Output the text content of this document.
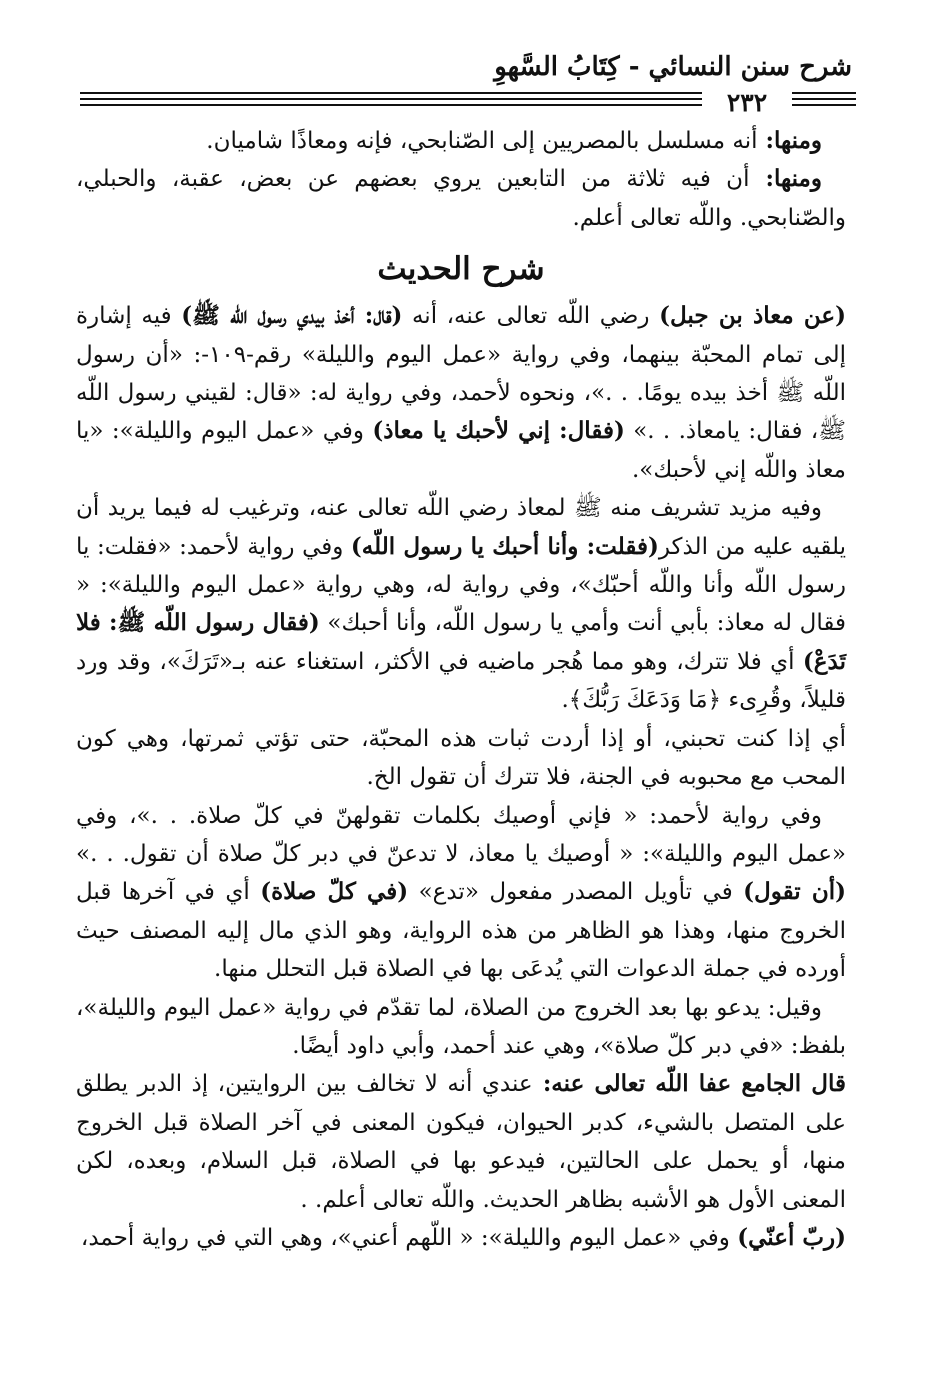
شرح سنن النسائي - كِتَابُ السَّهوِ
٢٣٢

ومنها: أنه مسلسل بالمصريين إلى الصّنابحي، فإنه ومعاذًا شاميان.

ومنها: أن فيه ثلاثة من التابعين يروي بعضهم عن بعض، عقبة، والحبلي، والصّنابحي. واللّه تعالى أعلم.

شرح الحديث

(عن معاذ بن جبل) رضي اللّه تعالى عنه، أنه (قال: أخذ بيدي رسول اللّه ﷺ) فيه إشارة إلى تمام المحبّة بينهما، وفي رواية «عمل اليوم والليلة» رقم-١٠٩-: «أن رسول اللّه ﷺ أخذ بيده يومًا. . .»، ونحوه لأحمد، وفي رواية له: «قال: لقيني رسول اللّه ﷺ، فقال: يامعاذ. . .» (فقال: إني لأحبك يا معاذ) وفي «عمل اليوم والليلة»: «يا معاذ واللّه إني لأحبك».

وفيه مزيد تشريف منه ﷺ لمعاذ رضي اللّه تعالى عنه، وترغيب له فيما يريد أن يلقيه عليه من الذكر(فقلت: وأنا أحبك يا رسول اللّه) وفي رواية لأحمد: «فقلت: يا رسول اللّه وأنا واللّه أحبّك»، وفي رواية له، وهي رواية «عمل اليوم والليلة»: « فقال له معاذ: بأبي أنت وأمي يا رسول اللّه، وأنا أحبك» (فقال رسول اللّه ﷺ: فلا تَدَعْ) أي فلا تترك، وهو مما هُجر ماضيه في الأكثر، استغناء عنه بـ«تَرَكَ»، وقد ورد قليلاً، وقُرِىء ﴿مَا وَدَعَكَ رَبُّكَ﴾.

أي إذا كنت تحبني، أو إذا أردت ثبات هذه المحبّة، حتى تؤتي ثمرتها، وهي كون المحب مع محبوبه في الجنة، فلا تترك أن تقول الخ.

وفي رواية لأحمد: « فإني أوصيك بكلمات تقولهنّ في كلّ صلاة. . .»، وفي «عمل اليوم والليلة»: « أوصيك يا معاذ، لا تدعنّ في دبر كلّ صلاة أن تقول. . .» (أن تقول) في تأويل المصدر مفعول «تدع» (في كلّ صلاة) أي في آخرها قبل الخروج منها، وهذا هو الظاهر من هذه الرواية، وهو الذي مال إليه المصنف حيث أورده في جملة الدعوات التي يُدعَى بها في الصلاة قبل التحلل منها.

وقيل: يدعو بها بعد الخروج من الصلاة، لما تقدّم في رواية «عمل اليوم والليلة»، بلفظ: «في دبر كلّ صلاة»، وهي عند أحمد، وأبي داود أيضًا.

قال الجامع عفا اللّه تعالى عنه: عندي أنه لا تخالف بين الروايتين، إذ الدبر يطلق على المتصل بالشيء، كدبر الحيوان، فيكون المعنى في آخر الصلاة قبل الخروج منها، أو يحمل على الحالتين، فيدعو بها في الصلاة، قبل السلام، وبعده، لكن المعنى الأول هو الأشبه بظاهر الحديث. واللّه تعالى أعلم. .

(ربّ أعنّي) وفي «عمل اليوم والليلة»: « اللّهم أعني»، وهي التي في رواية أحمد،
